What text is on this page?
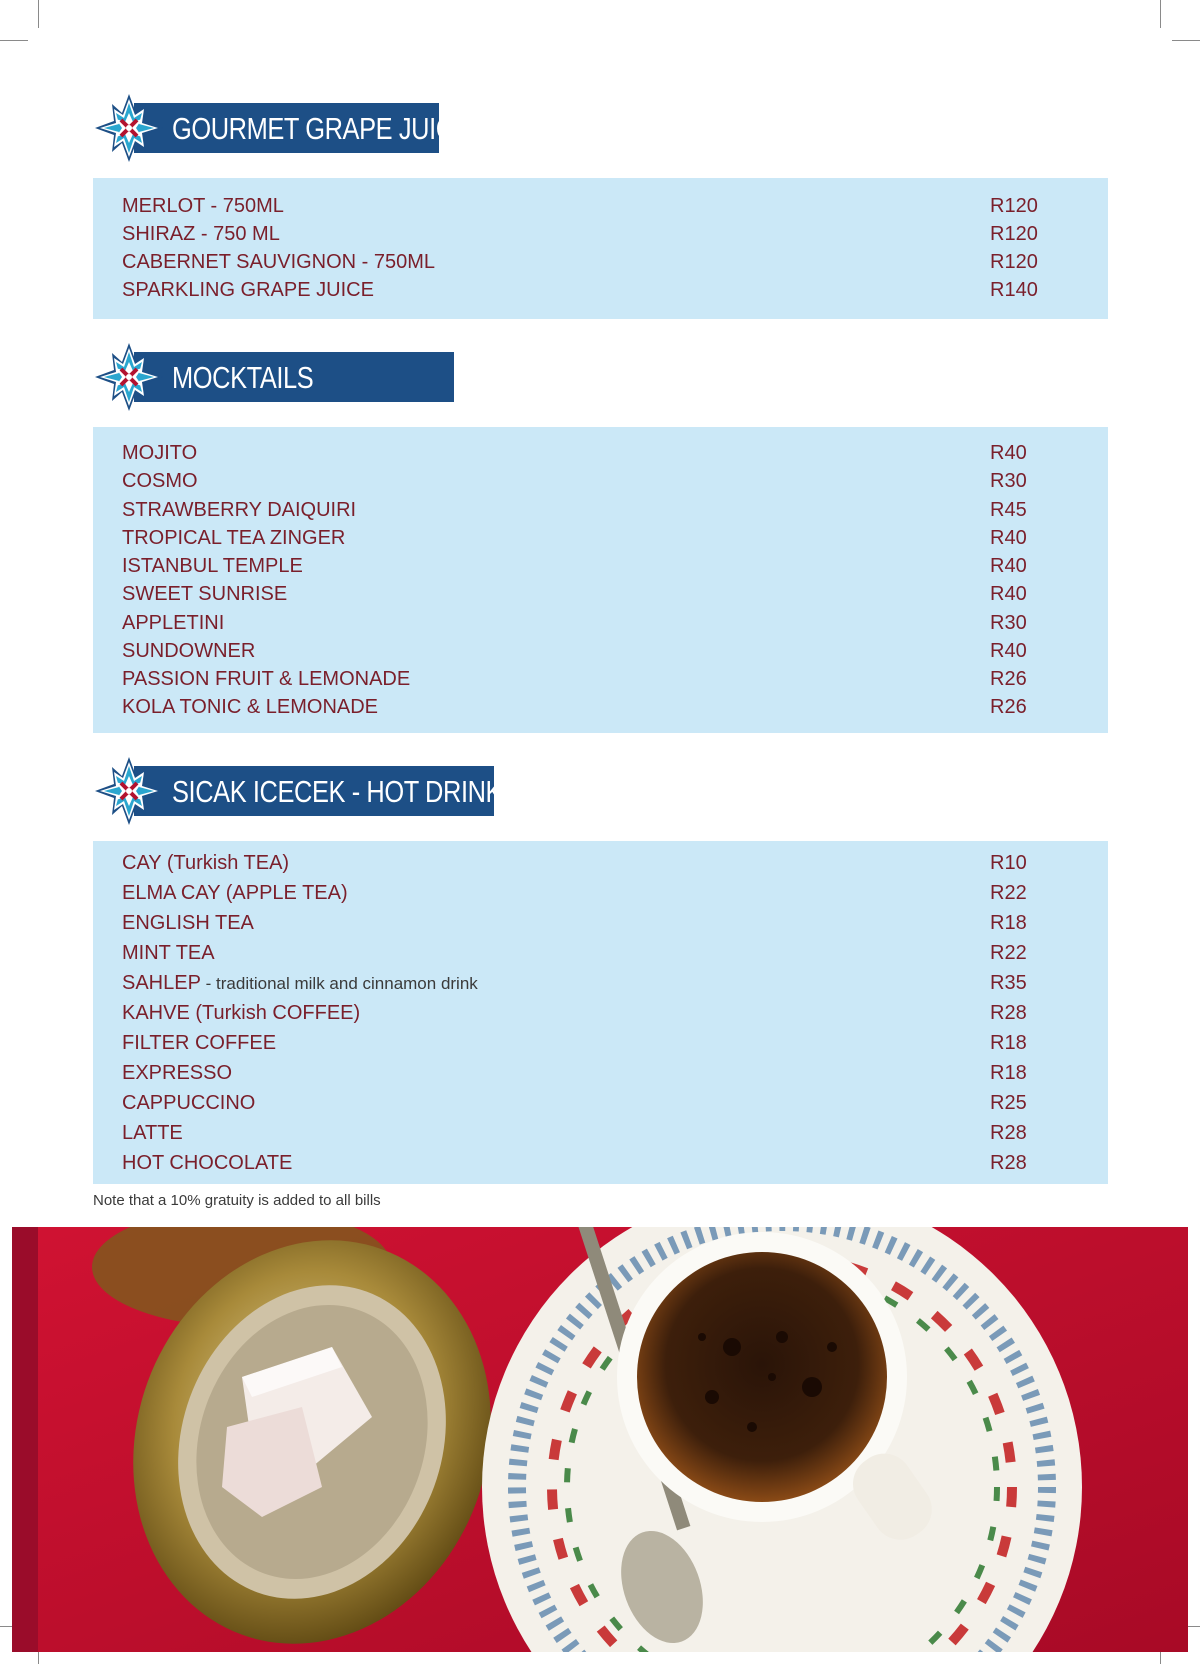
GOURMET GRAPE JUICE
MERLOT - 750ML	R120
SHIRAZ - 750 ML	R120
CABERNET SAUVIGNON - 750ML	R120
SPARKLING GRAPE JUICE	R140
MOCKTAILS
MOJITO	R40
COSMO	R30
STRAWBERRY DAIQUIRI	R45
TROPICAL TEA ZINGER	R40
ISTANBUL TEMPLE	R40
SWEET SUNRISE	R40
APPLETINI	R30
SUNDOWNER	R40
PASSION FRUIT & LEMONADE	R26
KOLA TONIC & LEMONADE	R26
SICAK ICECEK - HOT DRINKS
CAY (Turkish TEA)	R10
ELMA CAY (APPLE TEA)	R22
ENGLISH TEA	R18
MINT TEA	R22
SAHLEP - traditional milk and cinnamon drink	R35
KAHVE (Turkish COFFEE)	R28
FILTER COFFEE	R18
EXPRESSO	R18
CAPPUCCINO	R25
LATTE	R28
HOT CHOCOLATE	R28
Note that a 10% gratuity is added to all bills
